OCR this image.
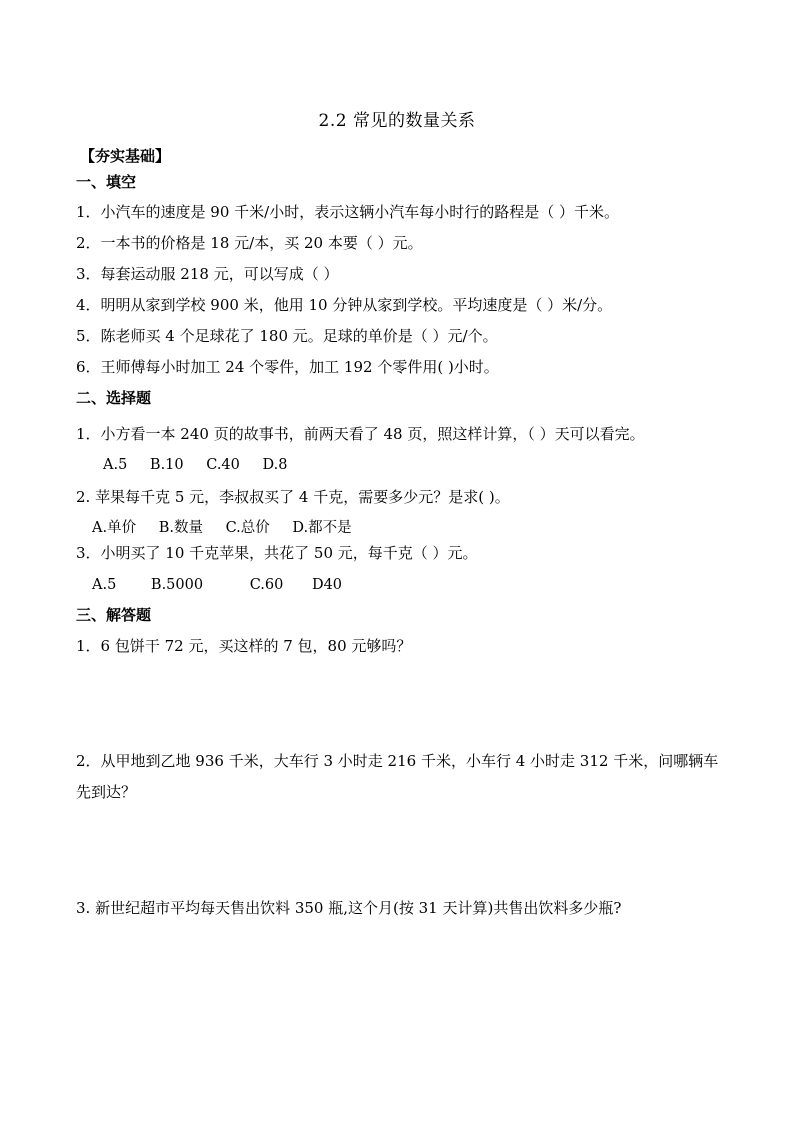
2.2 常见的数量关系
【夯实基础】
一、填空
1．小汽车的速度是 90 千米/小时，表示这辆小汽车每小时行的路程是（ ）千米。
2．一本书的价格是 18 元/本，买 20 本要（ ）元。
3．每套运动服 218 元，可以写成（ ）
4．明明从家到学校 900 米，他用 10 分钟从家到学校。平均速度是（ ）米/分。
5．陈老师买 4 个足球花了 180 元。足球的单价是（ ）元/个。
6．王师傅每小时加工 24 个零件，加工 192 个零件用( )小时。
二、选择题
1．小方看一本 240 页的故事书，前两天看了 48 页，照这样计算，（ ）天可以看完。
A.5 B.10 C.40 D.8
2. 苹果每千克 5 元，李叔叔买了 4 千克，需要多少元？是求( )。
A.单价 B.数量 C.总价 D.都不是
3．小明买了 10 千克苹果，共花了 50 元，每千克（ ）元。
A.5 B.5000	C.60 D40
三、解答题
1．6 包饼干 72 元，买这样的 7 包，80 元够吗？
2．从甲地到乙地 936 千米，大车行 3 小时走 216 千米，小车行 4 小时走 312 千米，问哪辆车先到达？
3. 新世纪超市平均每天售出饮料 350 瓶,这个月(按 31 天计算)共售出饮料多少瓶?
